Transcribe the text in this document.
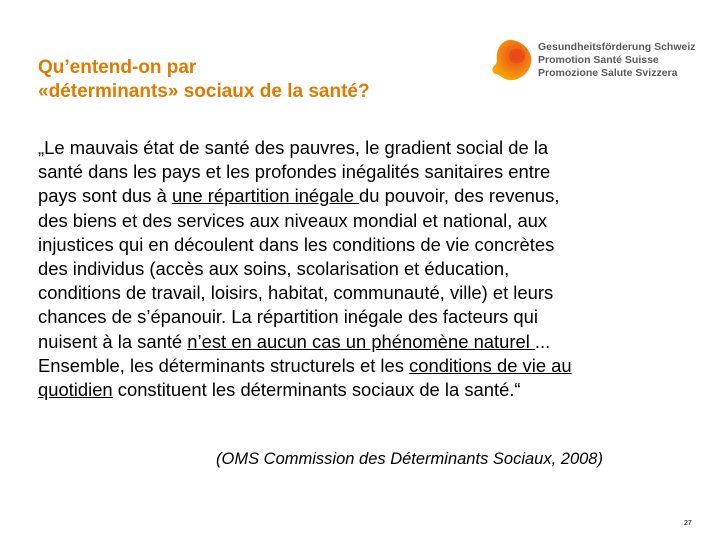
Qu’entend-on par
«déterminants» sociaux de la santé?
Gesundheitsförderung Schweiz
Promotion Santé Suisse
Promozione Salute Svizzera
„Le mauvais état de santé des pauvres, le gradient social de la
santé dans les pays et les profondes inégalités sanitaires entre
pays sont dus à une répartition inégale du pouvoir, des revenus,
des biens et des services aux niveaux mondial et national, aux
injustices qui en découlent dans les conditions de vie concrètes
des individus (accès aux soins, scolarisation et éducation,
conditions de travail, loisirs, habitat, communauté, ville) et leurs
chances de s’épanouir. La répartition inégale des facteurs qui
nuisent à la santé n’est en aucun cas un phénomène naturel ...
Ensemble, les déterminants structurels et les conditions de vie au
quotidien constituent les déterminants sociaux de la santé.“
(OMS Commission des Déterminants Sociaux, 2008)
27
